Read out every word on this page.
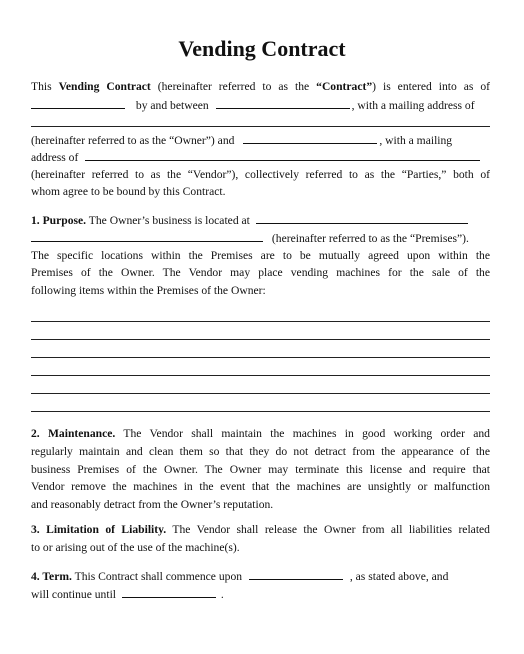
Vending Contract
This Vending Contract (hereinafter referred to as the “Contract”) is entered into as of
by and between	, with a mailing address of
(hereinafter referred to as the “Owner”) and	, with a mailing
address of
(hereinafter referred to as the “Vendor”), collectively referred to as the “Parties,” both of
whom agree to be bound by this Contract.
1. Purpose. The Owner’s business is located at
(hereinafter referred to as the “Premises”).
The specific locations within the Premises are to be mutually agreed upon within the
Premises of the Owner. The Vendor may place vending machines for the sale of the
following items within the Premises of the Owner:
2. Maintenance. The Vendor shall maintain the machines in good working order and
regularly maintain and clean them so that they do not detract from the appearance of the
business Premises of the Owner. The Owner may terminate this license and require that
Vendor remove the machines in the event that the machines are unsightly or malfunction
and reasonably detract from the Owner’s reputation.
3. Limitation of Liability. The Vendor shall release the Owner from all liabilities related
to or arising out of the use of the machine(s).
4. Term. This Contract shall commence upon	, as stated above, and
will continue until	.
